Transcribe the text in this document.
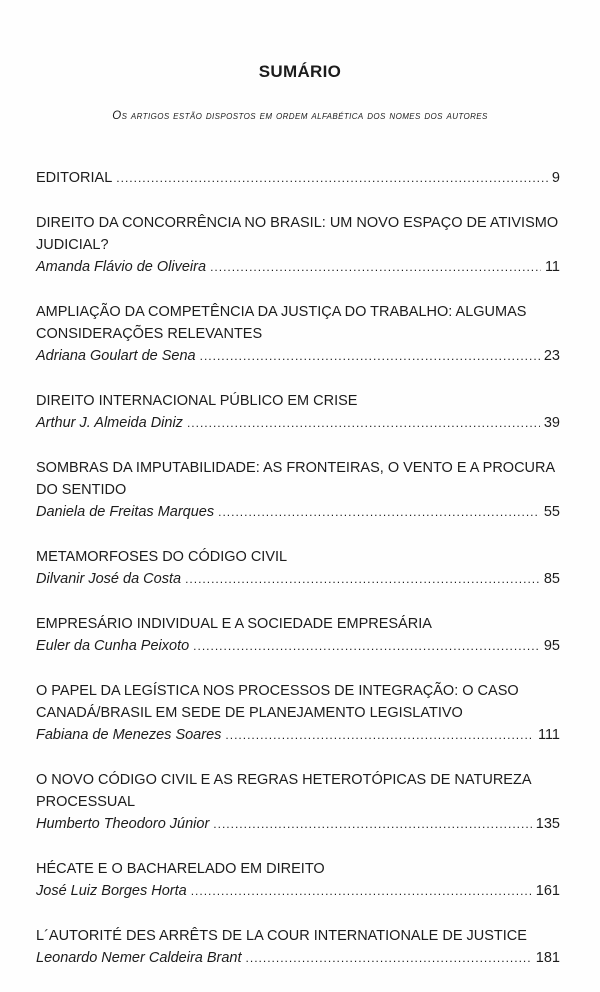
SUMÁRIO
Os artigos estão dispostos em ordem alfabética dos nomes dos autores
EDITORIAL .....	9
DIREITO DA CONCORRÊNCIA NO BRASIL: UM NOVO ESPAÇO DE ATIVISMO JUDICIAL?
Amanda Flávio de Oliveira .....	11
AMPLIAÇÃO DA COMPETÊNCIA DA JUSTIÇA DO TRABALHO: ALGUMAS CONSIDERAÇÕES RELEVANTES
Adriana Goulart de Sena .....	23
DIREITO INTERNACIONAL PÚBLICO EM CRISE
Arthur J. Almeida Diniz .....	39
SOMBRAS DA IMPUTABILIDADE: AS FRONTEIRAS, O VENTO E A PROCURA DO SENTIDO
Daniela de Freitas Marques .....	55
METAMORFOSES DO CÓDIGO CIVIL
Dilvanir José da Costa .....	85
EMPRESÁRIO INDIVIDUAL E A SOCIEDADE EMPRESÁRIA
Euler da Cunha Peixoto .....	95
O PAPEL DA LEGÍSTICA NOS PROCESSOS DE INTEGRAÇÃO: O CASO CANADÁ/BRASIL EM SEDE DE PLANEJAMENTO LEGISLATIVO
Fabiana de Menezes Soares .....	111
O NOVO CÓDIGO CIVIL E AS REGRAS HETEROTÓPICAS DE NATUREZA PROCESSUAL
Humberto Theodoro Júnior .....	135
HÉCATE E O BACHARELADO EM DIREITO
José Luiz Borges Horta .....	161
L´AUTORITÉ DES ARRÊTS DE LA COUR INTERNATIONALE DE JUSTICE
Leonardo Nemer Caldeira Brant .....	181
